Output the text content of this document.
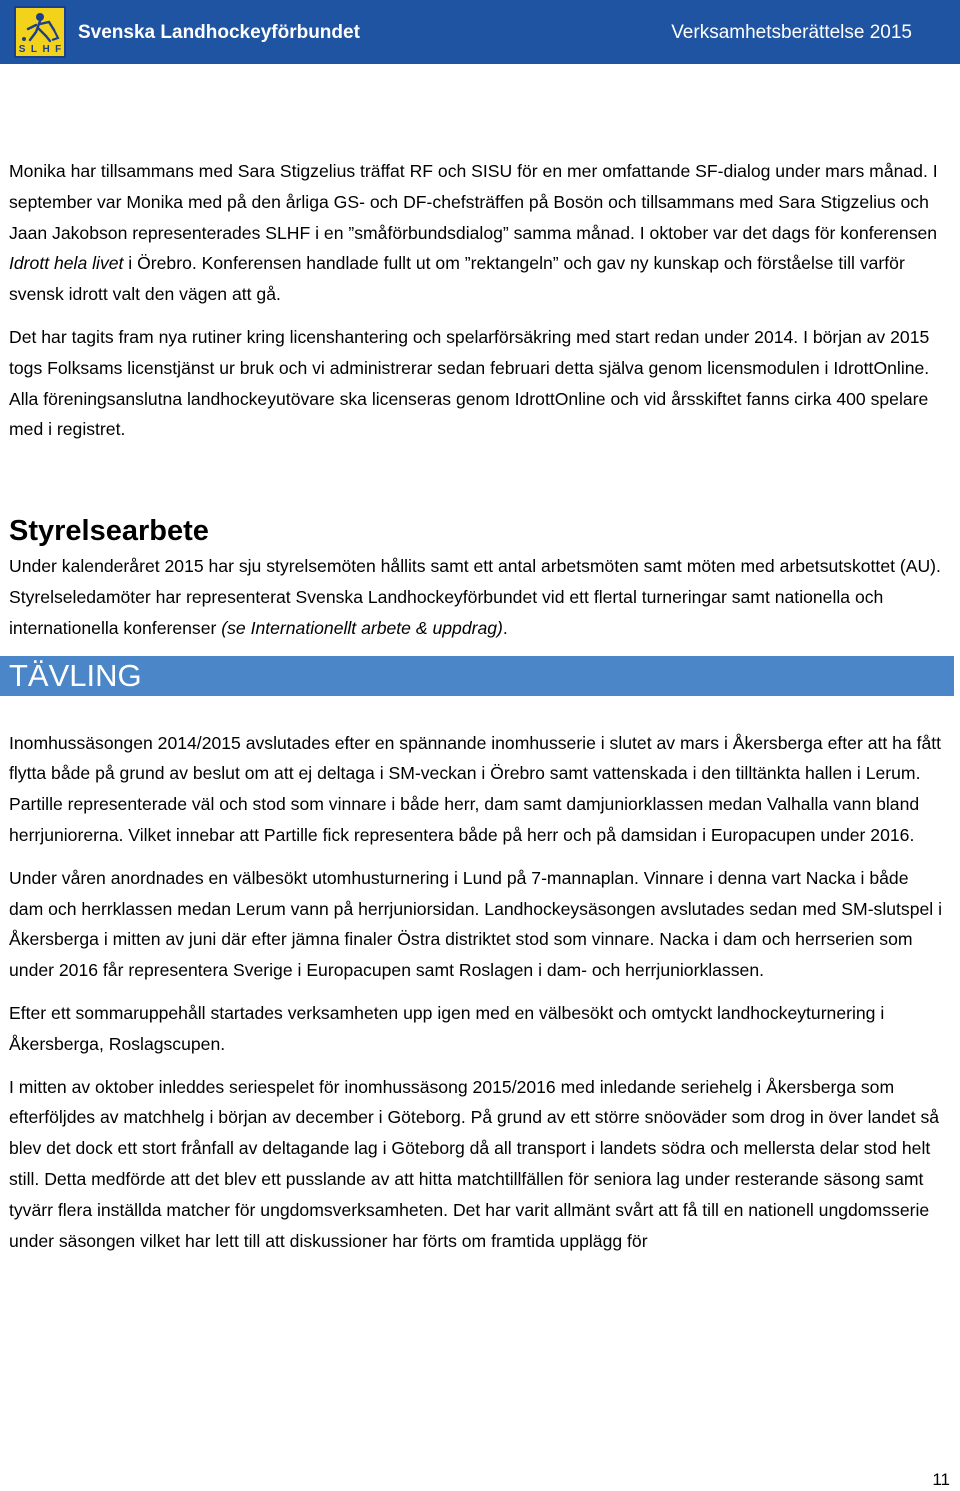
S L H F
Svenska Landhockeyförbundet	Verksamhetsberättelse 2015

Monika har tillsammans med Sara Stigzelius träffat RF och SISU för en mer omfattande SF-dialog under mars månad. I september var Monika med på den årliga GS- och DF-chefsträffen på Bosön och tillsammans med Sara Stigzelius och Jaan Jakobson representerades SLHF i en ”småförbundsdialog” samma månad. I oktober var det dags för konferensen Idrott hela livet i Örebro. Konferensen handlade fullt ut om ”rektangeln” och gav ny kunskap och förståelse till varför svensk idrott valt den vägen att gå.

Det har tagits fram nya rutiner kring licenshantering och spelarförsäkring med start redan under 2014. I början av 2015 togs Folksams licenstjänst ur bruk och vi administrerar sedan februari detta själva genom licensmodulen i IdrottOnline. Alla föreningsanslutna landhockeyutövare ska licenseras genom IdrottOnline och vid årsskiftet fanns cirka 400 spelare med i registret.

Styrelsearbete

Under kalenderåret 2015 har sju styrelsemöten hållits samt ett antal arbetsmöten samt möten med arbetsutskottet (AU). Styrelseledamöter har representerat Svenska Landhockeyförbundet vid ett flertal turneringar samt nationella och internationella konferenser (se Internationellt arbete & uppdrag).

TÄVLING

Inomhussäsongen 2014/2015 avslutades efter en spännande inomhusserie i slutet av mars i Åkersberga efter att ha fått flytta både på grund av beslut om att ej deltaga i SM-veckan i Örebro samt vattenskada i den tilltänkta hallen i Lerum. Partille representerade väl och stod som vinnare i både herr, dam samt damjuniorklassen medan Valhalla vann bland herrjuniorerna. Vilket innebar att Partille fick representera både på herr och på damsidan i Europacupen under 2016.

Under våren anordnades en välbesökt utomhusturnering i Lund på 7-mannaplan. Vinnare i denna vart Nacka i både dam och herrklassen medan Lerum vann på herrjuniorsidan. Landhockeysäsongen avslutades sedan med SM-slutspel i Åkersberga i mitten av juni där efter jämna finaler Östra distriktet stod som vinnare. Nacka i dam och herrserien som under 2016 får representera Sverige i Europacupen samt Roslagen i dam- och herrjuniorklassen.

Efter ett sommaruppehåll startades verksamheten upp igen med en välbesökt och omtyckt landhockeyturnering i Åkersberga, Roslagscupen.

I mitten av oktober inleddes seriespelet för inomhussäsong 2015/2016 med inledande seriehelg i Åkersberga som efterföljdes av matchhelg i början av december i Göteborg. På grund av ett större snöoväder som drog in över landet så blev det dock ett stort frånfall av deltagande lag i Göteborg då all transport i landets södra och mellersta delar stod helt still. Detta medförde att det blev ett pusslande av att hitta matchtillfällen för seniora lag under resterande säsong samt tyvärr flera inställda matcher för ungdomsverksamheten. Det har varit allmänt svårt att få till en nationell ungdomsserie under säsongen vilket har lett till att diskussioner har förts om framtida upplägg för

11
